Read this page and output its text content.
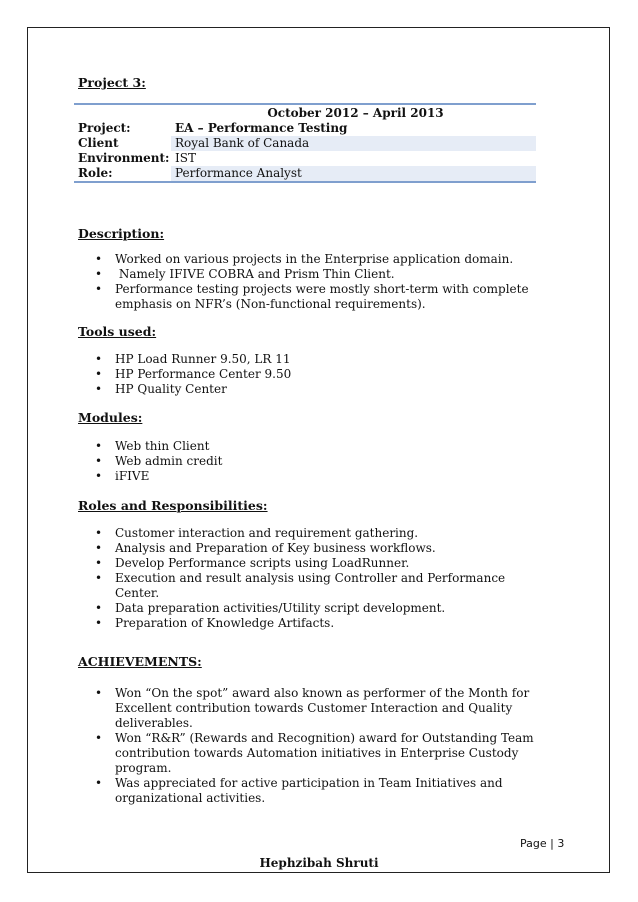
Project 3:
	October 2012 – April 2013
Project:	EA – Performance Testing
Client	Royal Bank of Canada
Environment:	IST
Role:	Performance Analyst
Description:
• Worked on various projects in the Enterprise application domain.
• Namely IFIVE COBRA and Prism Thin Client.
• Performance testing projects were mostly short-term with complete emphasis on NFR’s (Non-functional requirements).
Tools used:
• HP Load Runner 9.50, LR 11
• HP Performance Center 9.50
• HP Quality Center
Modules:
• Web thin Client
• Web admin credit
• iFIVE
Roles and Responsibilities:
• Customer interaction and requirement gathering.
• Analysis and Preparation of Key business workflows.
• Develop Performance scripts using LoadRunner.
• Execution and result analysis using Controller and Performance Center.
• Data preparation activities/Utility script development.
• Preparation of Knowledge Artifacts.
ACHIEVEMENTS:
• Won “On the spot” award also known as performer of the Month for Excellent contribution towards Customer Interaction and Quality deliverables.
• Won “R&R” (Rewards and Recognition) award for Outstanding Team contribution towards Automation initiatives in Enterprise Custody program.
• Was appreciated for active participation in Team Initiatives and organizational activities.
Page | 3
Hephzibah Shruti
